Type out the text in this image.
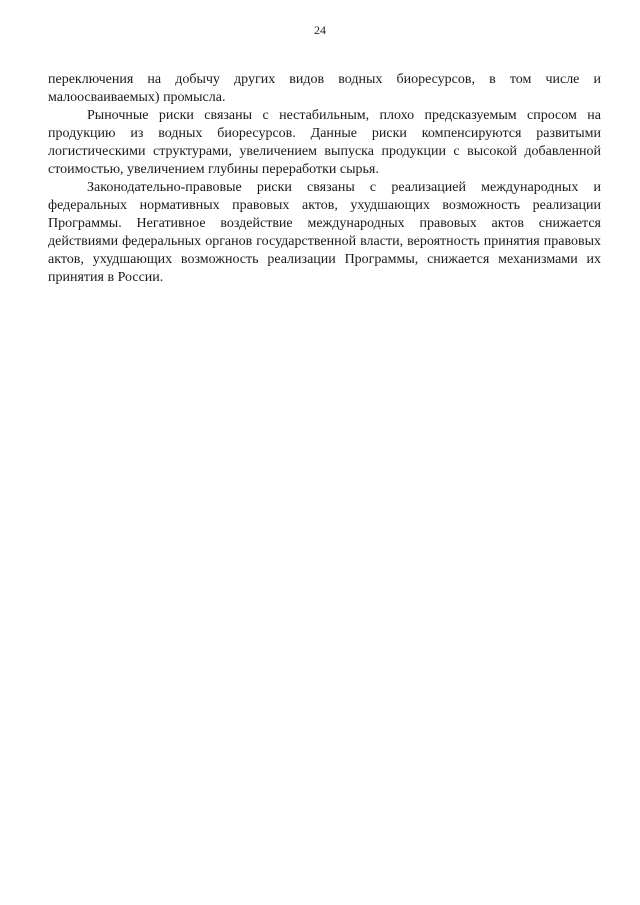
24

переключения на добычу других видов водных биоресурсов, в том числе и малоосваиваемых) промысла.

Рыночные риски связаны с нестабильным, плохо предсказуемым спросом на продукцию из водных биоресурсов. Данные риски компенсируются развитыми логистическими структурами, увеличением выпуска продукции с высокой добавленной стоимостью, увеличением глубины переработки сырья.

Законодательно-правовые риски связаны с реализацией международных и федеральных нормативных правовых актов, ухудшающих возможность реализации Программы. Негативное воздействие международных правовых актов снижается действиями федеральных органов государственной власти, вероятность принятия правовых актов, ухудшающих возможность реализации Программы, снижается механизмами их принятия в России.
